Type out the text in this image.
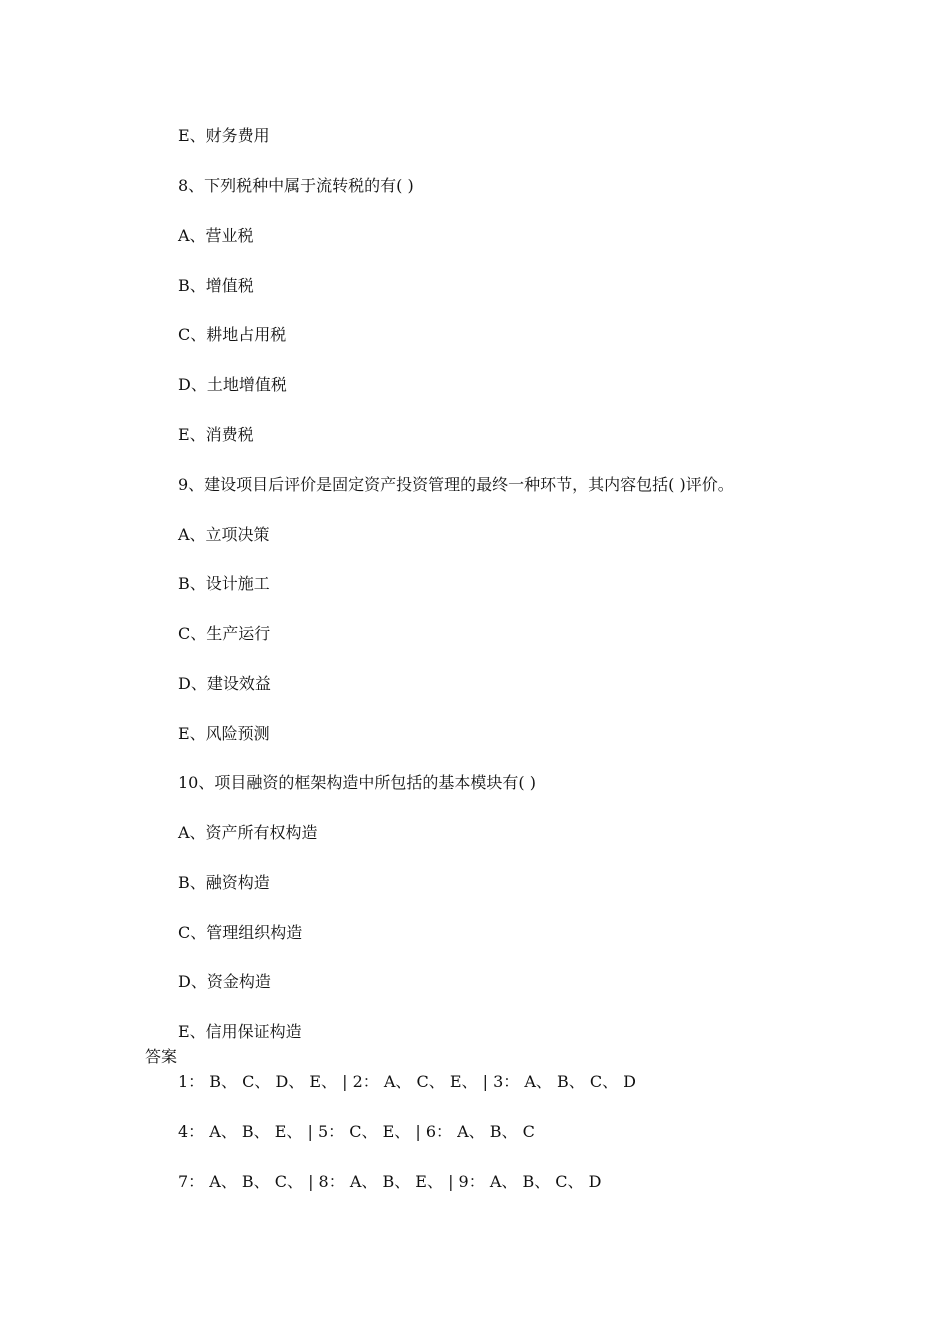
E、财务费用
8、下列税种中属于流转税的有( )
A、营业税
B、增值税
C、耕地占用税
D、土地增值税
E、消费税
9、建设项目后评价是固定资产投资管理的最终一种环节，其内容包括( )评价。
A、立项决策
B、设计施工
C、生产运行
D、建设效益
E、风险预测
10、项目融资的框架构造中所包括的基本模块有( )
A、资产所有权构造
B、融资构造
C、管理组织构造
D、资金构造
E、信用保证构造
答案
1： B、 C、 D、 E、 | 2： A、 C、 E、 | 3： A、 B、 C、 D
4： A、 B、 E、 | 5： C、 E、 | 6： A、 B、 C
7： A、 B、 C、 | 8： A、 B、 E、 | 9： A、 B、 C、 D
